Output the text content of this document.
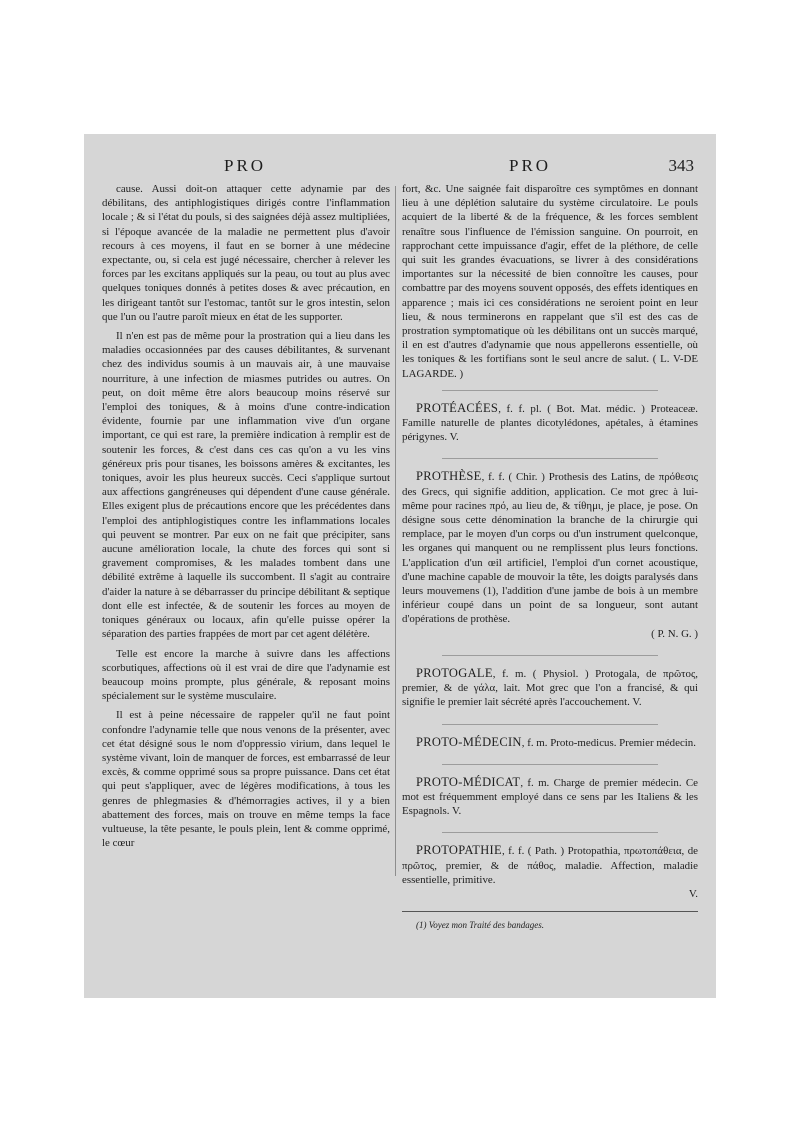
PRO	PRO	343

cause. Aussi doit-on attaquer cette adynamie par des débilitans, des antiphlogistiques dirigés contre l'inflammation locale ; & si l'état du pouls, si des saignées déjà assez multipliées, si l'époque avancée de la maladie ne permettent plus d'avoir recours à ces moyens, il faut en se borner à une médecine expectante, ou, si cela est jugé nécessaire, chercher à relever les forces par les excitans appliqués sur la peau, ou tout au plus avec quelques toniques donnés à petites doses & avec précaution, en les dirigeant tantôt sur l'estomac, tantôt sur le gros intestin, selon que l'un ou l'autre paroît mieux en état de les supporter.

Il n'en est pas de même pour la prostration qui a lieu dans les maladies occasionnées par des causes débilitantes, & survenant chez des individus soumis à un mauvais air, à une mauvaise nourriture, à une infection de miasmes putrides ou autres. On peut, on doit même être alors beaucoup moins réservé sur l'emploi des toniques, & à moins d'une contre-indication évidente, fournie par une inflammation vive d'un organe important, ce qui est rare, la première indication à remplir est de soutenir les forces, & c'est dans ces cas qu'on a vu les vins généreux pris pour tisanes, les boissons amères & excitantes, les toniques, avoir les plus heureux succès. Ceci s'applique surtout aux affections gangréneuses qui dépendent d'une cause générale. Elles exigent plus de précautions encore que les précédentes dans l'emploi des antiphlogistiques contre les inflammations locales qui peuvent se montrer. Par eux on ne fait que précipiter, sans aucune amélioration locale, la chute des forces qui sont si gravement compromises, & les malades tombent dans une débilité extrême à laquelle ils succombent. Il s'agit au contraire d'aider la nature à se débarrasser du principe débilitant & septique dont elle est infectée, & de soutenir les forces au moyen de toniques généraux ou locaux, afin qu'elle puisse opérer la séparation des parties frappées de mort par cet agent délétère.

Telle est encore la marche à suivre dans les affections scorbutiques, affections où il est vrai de dire que l'adynamie est beaucoup moins prompte, plus générale, & reposant moins spécialement sur le système musculaire.

Il est à peine nécessaire de rappeler qu'il ne faut point confondre l'adynamie telle que nous venons de la présenter, avec cet état désigné sous le nom d'oppressio virium, dans lequel le système vivant, loin de manquer de forces, est embarrassé de leur excès, & comme opprimé sous sa propre puissance. Dans cet état qui peut s'appliquer, avec de légères modifications, à tous les genres de phlegmasies & d'hémorragies actives, il y a bien abattement des forces, mais on trouve en même temps la face vultueuse, la tête pesante, le pouls plein, lent & comme opprimé, le cœur

fort, &c. Une saignée fait disparoître ces symptômes en donnant lieu à une déplétion salutaire du système circulatoire. Le pouls acquiert de la liberté & de la fréquence, & les forces semblent renaître sous l'influence de l'émission sanguine. On pourroit, en rapprochant cette impuissance d'agir, effet de la pléthore, de celle qui suit les grandes évacuations, se livrer à des considérations importantes sur la nécessité de bien connoître les causes, pour combattre par des moyens souvent opposés, des effets identiques en apparence ; mais ici ces considérations ne seroient point en leur lieu, & nous terminerons en rappelant que s'il est des cas de prostration symptomatique où les débilitans ont un succès marqué, il en est d'autres d'adynamie que nous appellerons essentielle, où les toniques & les fortifians sont le seul ancre de salut. ( L. V-DE LAGARDE. )

PROTÉACÉES, f. f. pl. ( Bot. Mat. médic. ) Proteaceæ. Famille naturelle de plantes dicotylédones, apétales, à étamines périgynes. V.

PROTHÈSE, f. f. ( Chir. ) Prothesis des Latins, de πρόθεσις des Grecs, qui signifie addition, application. Ce mot grec à lui-même pour racines πρό, au lieu de, & τίθημι, je place, je pose. On désigne sous cette dénomination la branche de la chirurgie qui remplace, par le moyen d'un corps ou d'un instrument quelconque, les organes qui manquent ou ne remplissent plus leurs fonctions. L'application d'un œil artificiel, l'emploi d'un cornet acoustique, d'une machine capable de mouvoir la tête, les doigts paralysés dans leurs mouvemens (1), l'addition d'une jambe de bois à un membre inférieur coupé dans un point de sa longueur, sont autant d'opérations de prothèse.

( P. N. G. )

PROTOGALE, f. m. ( Physiol. ) Protogala, de πρῶτος, premier, & de γάλα, lait. Mot grec que l'on a francisé, & qui signifie le premier lait sécrété après l'accouchement. V.

PROTO-MÉDECIN, f. m. Proto-medicus. Premier médecin.

PROTO-MÉDICAT, f. m. Charge de premier médecin. Ce mot est fréquemment employé dans ce sens par les Italiens & les Espagnols. V.

PROTOPATHIE, f. f. ( Path. ) Protopathia, πρωτοπάθεια, de πρῶτος, premier, & de πάθος, maladie. Affection, maladie essentielle, primitive.

V.

(1) Voyez mon Traité des bandages.
